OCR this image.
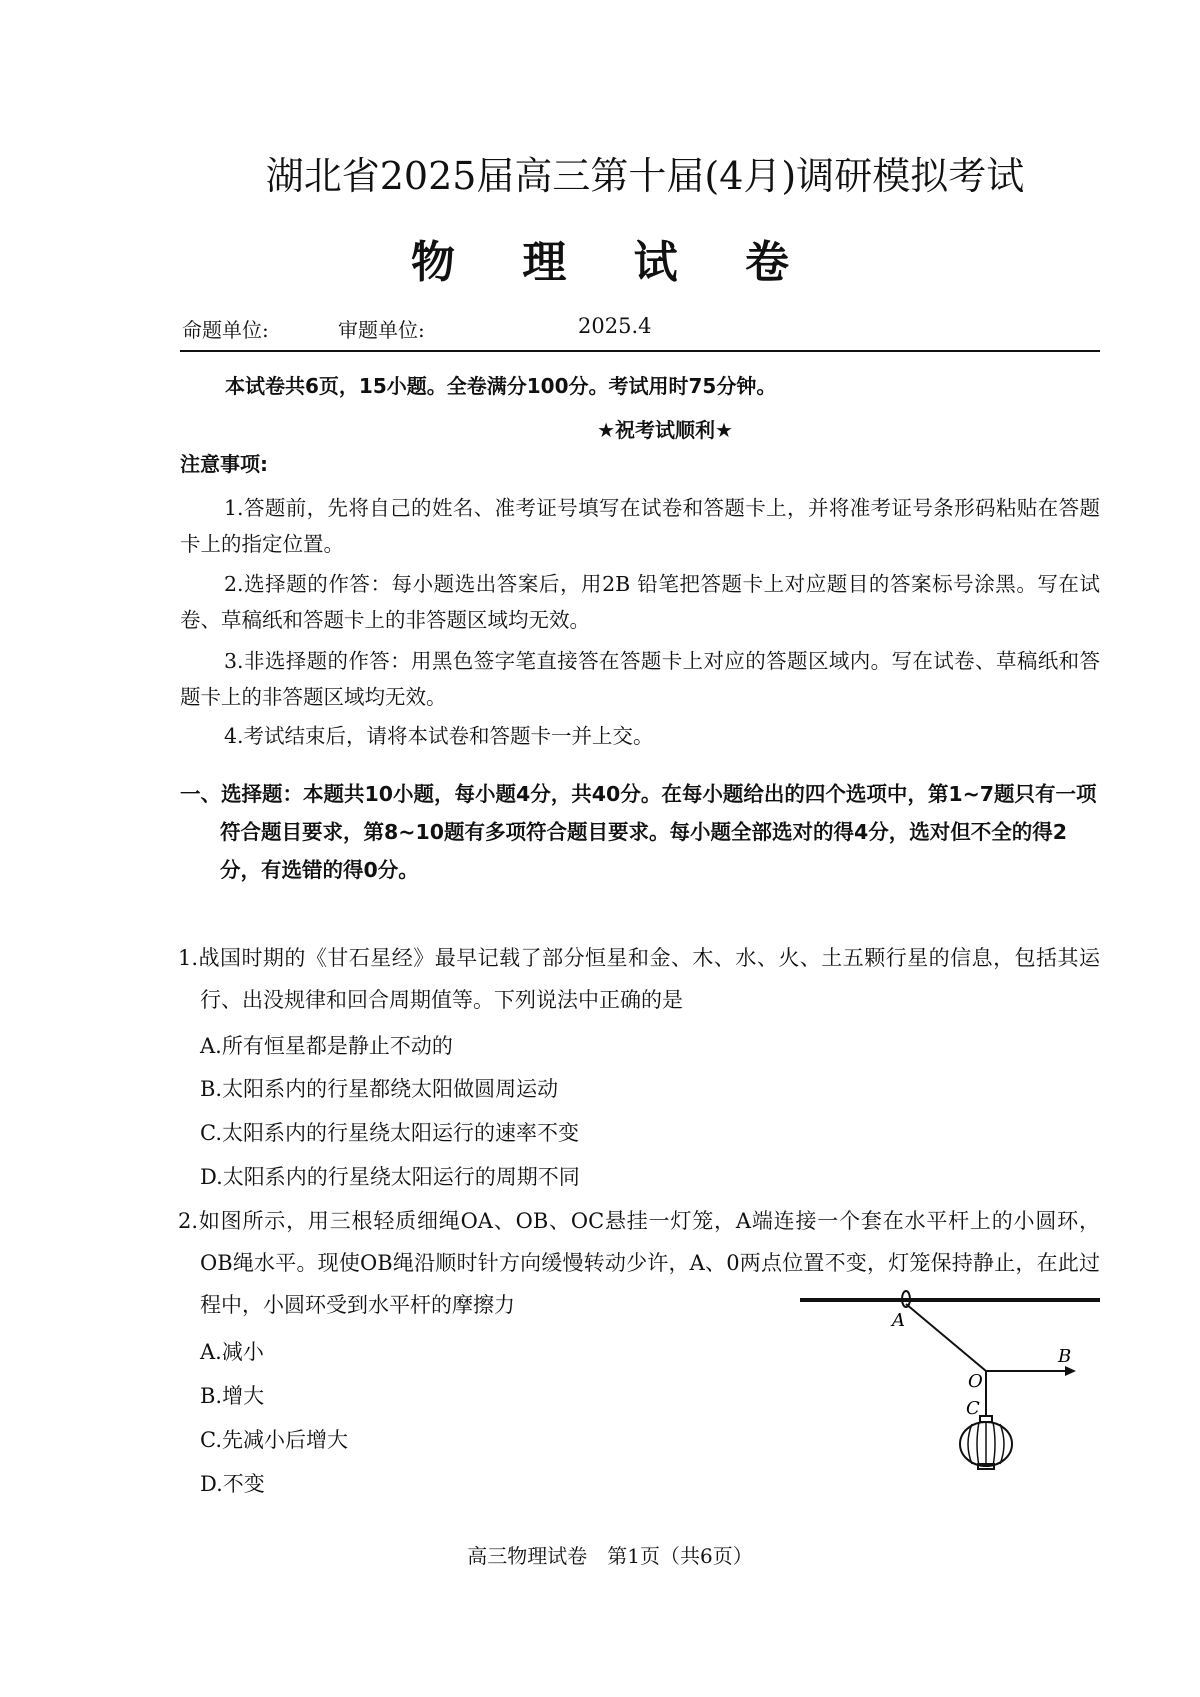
湖北省2025届高三第十届(4月)调研模拟考试
物 理 试 卷
命题单位:	审题单位:	2025.4
本试卷共6页，15小题。全卷满分100分。考试用时75分钟。
★祝考试顺利★
注意事项:
1.答题前，先将自己的姓名、准考证号填写在试卷和答题卡上，并将准考证号条形码粘贴在答题卡上的指定位置。
2.选择题的作答：每小题选出答案后，用2B 铅笔把答题卡上对应题目的答案标号涂黑。写在试卷、草稿纸和答题卡上的非答题区域均无效。
3.非选择题的作答：用黑色签字笔直接答在答题卡上对应的答题区域内。写在试卷、草稿纸和答题卡上的非答题区域均无效。
4.考试结束后，请将本试卷和答题卡一并上交。
一、选择题：本题共10小题，每小题4分，共40分。在每小题给出的四个选项中，第1~7题只有一项符合题目要求，第8~10题有多项符合题目要求。每小题全部选对的得4分，选对但不全的得2分，有选错的得0分。
1.战国时期的《甘石星经》最早记载了部分恒星和金、木、水、火、土五颗行星的信息，包括其运行、出没规律和回合周期值等。下列说法中正确的是
A.所有恒星都是静止不动的
B.太阳系内的行星都绕太阳做圆周运动
C.太阳系内的行星绕太阳运行的速率不变
D.太阳系内的行星绕太阳运行的周期不同
2.如图所示，用三根轻质细绳OA、OB、OC悬挂一灯笼，A端连接一个套在水平杆上的小圆环，OB绳水平。现使OB绳沿顺时针方向缓慢转动少许，A、0两点位置不变，灯笼保持静止，在此过程中，小圆环受到水平杆的摩擦力
A.减小
B.增大
C.先减小后增大
D.不变
A
O
B
C
高三物理试卷　第1页（共6页）
